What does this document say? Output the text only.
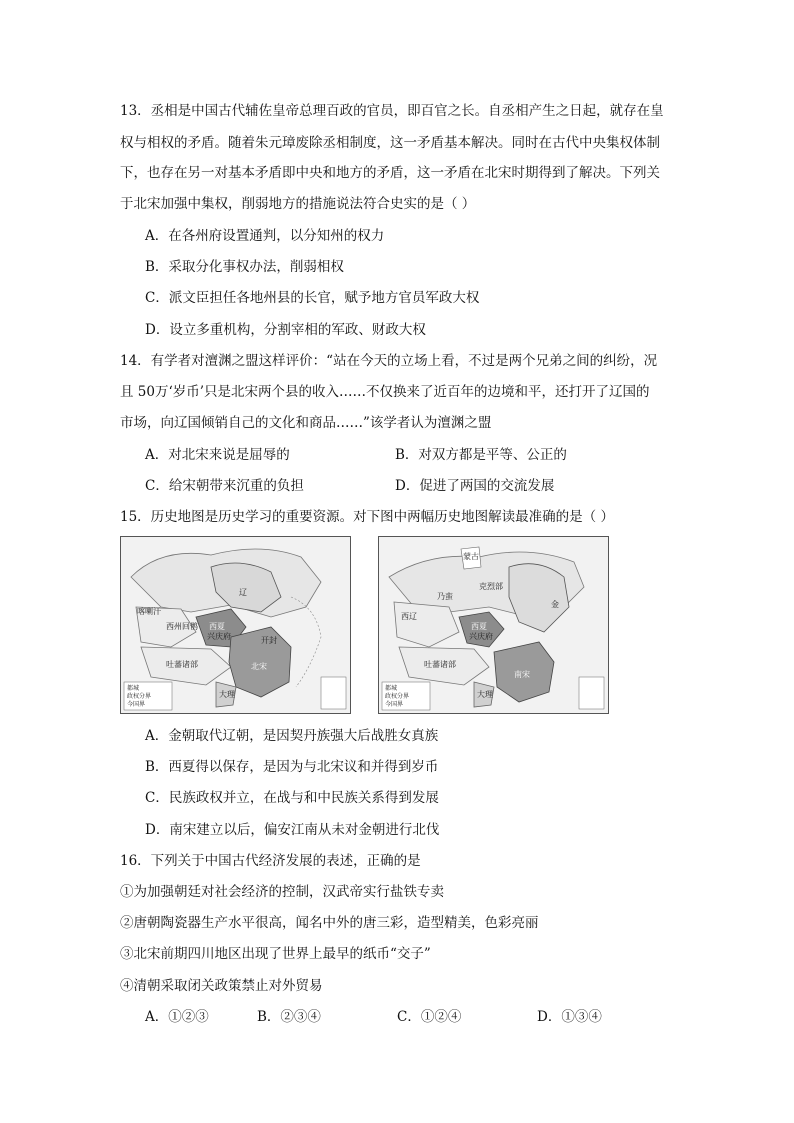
13．丞相是中国古代辅佐皇帝总理百政的官员，即百官之长。自丞相产生之日起，就存在皇
权与相权的矛盾。随着朱元璋废除丞相制度，这一矛盾基本解决。同时在古代中央集权体制
下，也存在另一对基本矛盾即中央和地方的矛盾，这一矛盾在北宋时期得到了解决。下列关
于北宋加强中集权，削弱地方的措施说法符合史实的是（ ）
A．在各州府设置通判，以分知州的权力
B．采取分化事权办法，削弱相权
C．派文臣担任各地州县的长官，赋予地方官员军政大权
D．设立多重机构，分割宰相的军政、财政大权
14．有学者对澶渊之盟这样评价：“站在今天的立场上看，不过是两个兄弟之间的纠纷，况
且 50万‘岁币’只是北宋两个县的收入……不仅换来了近百年的边境和平，还打开了辽国的
市场，向辽国倾销自己的文化和商品……”该学者认为澶渊之盟
A．对北宋来说是屈辱的	B．对双方都是平等、公正的
C．给宋朝带来沉重的负担	D．促进了两国的交流发展
15．历史地图是历史学习的重要资源。对下图中两幅历史地图解读最准确的是（ ）
辽
西夏
西州回鹘
喀喇汗
吐蕃诸部	北宋
兴庆府
大理
开封
都城
政权分界
今国界
金
西辽
西夏
克烈部
南宋
乃蛮
吐蕃诸部
兴庆府
大理
蒙古
都城
政权分界
今国界
A．金朝取代辽朝，是因契丹族强大后战胜女真族
B．西夏得以保存，是因为与北宋议和并得到岁币
C．民族政权并立，在战与和中民族关系得到发展
D．南宋建立以后，偏安江南从未对金朝进行北伐
16．下列关于中国古代经济发展的表述，正确的是
①为加强朝廷对社会经济的控制，汉武帝实行盐铁专卖
②唐朝陶瓷器生产水平很高，闻名中外的唐三彩，造型精美，色彩亮丽
③北宋前期四川地区出现了世界上最早的纸币“交子”
④清朝采取闭关政策禁止对外贸易
A．①②③	B．②③④	C．①②④	D．①③④
